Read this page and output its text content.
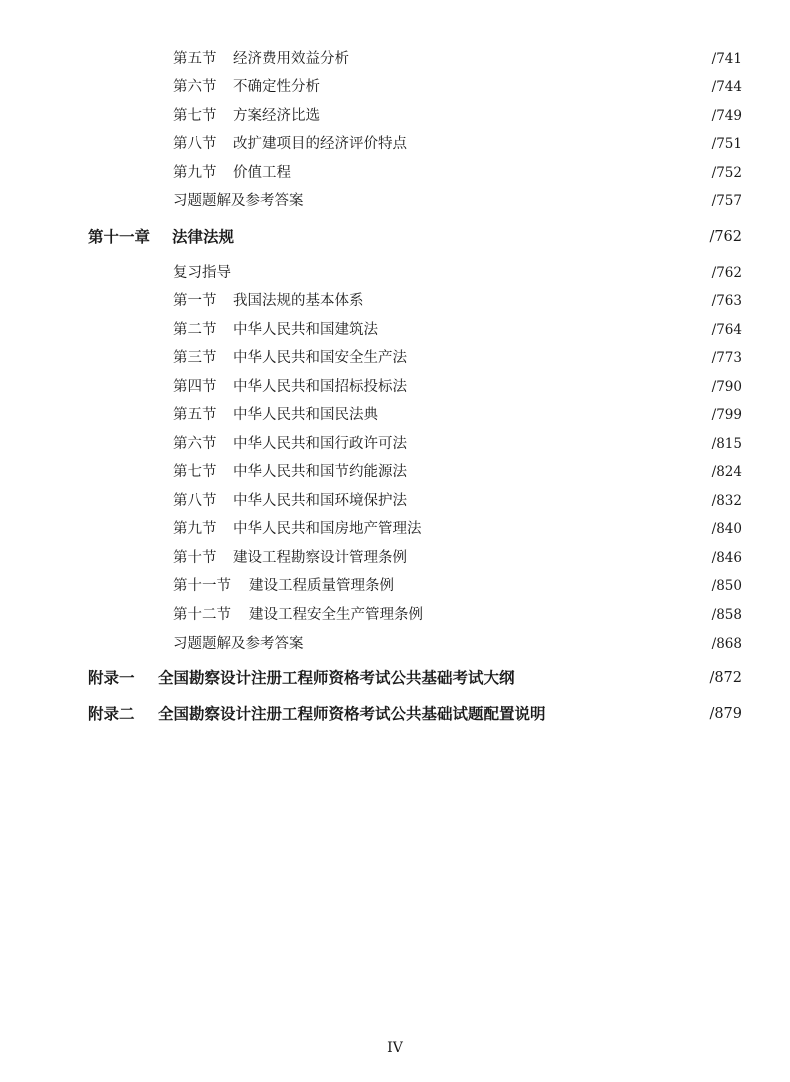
第五节 经济费用效益分析	/741
第六节 不确定性分析	/744
第七节 方案经济比选	/749
第八节 改扩建项目的经济评价特点	/751
第九节 价值工程	/752
习题题解及参考答案	/757
第十一章 法律法规	/762
复习指导	/762
第一节 我国法规的基本体系	/763
第二节 中华人民共和国建筑法	/764
第三节 中华人民共和国安全生产法	/773
第四节 中华人民共和国招标投标法	/790
第五节 中华人民共和国民法典	/799
第六节 中华人民共和国行政许可法	/815
第七节 中华人民共和国节约能源法	/824
第八节 中华人民共和国环境保护法	/832
第九节 中华人民共和国房地产管理法	/840
第十节 建设工程勘察设计管理条例	/846
第十一节 建设工程质量管理条例	/850
第十二节 建设工程安全生产管理条例	/858
习题题解及参考答案	/868
附录一 全国勘察设计注册工程师资格考试公共基础考试大纲	/872
附录二 全国勘察设计注册工程师资格考试公共基础试题配置说明	/879
IV
